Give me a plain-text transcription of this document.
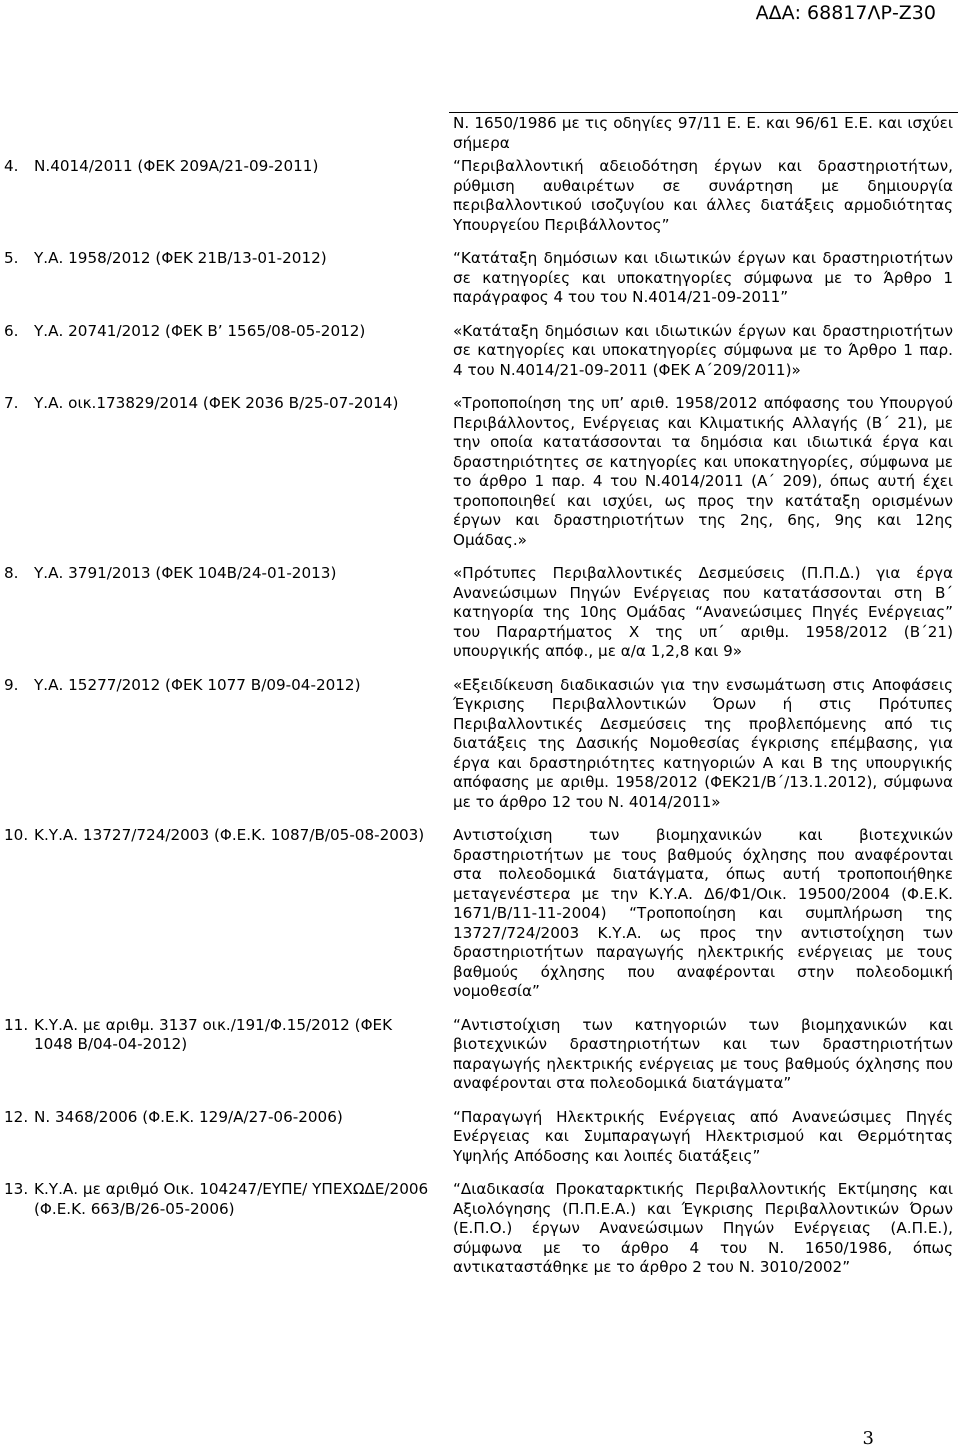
ΑΔΑ: 68817ΛΡ-Ζ30
	Ν. 1650/1986 με τις οδηγίες 97/11 Ε. Ε. και 96/61 Ε.Ε. και ισχύει σήμερα
4. Ν.4014/2011 (ΦΕΚ 209Α/21-09-2011)	“Περιβαλλοντική αδειοδότηση έργων και δραστηριοτήτων, ρύθμιση αυθαιρέτων σε συνάρτηση με δημιουργία περιβαλλοντικού ισοζυγίου και άλλες διατάξεις αρμοδιότητας Υπουργείου Περιβάλλοντος”
5. Υ.Α. 1958/2012 (ΦΕΚ 21Β/13-01-2012)	“Κατάταξη δημόσιων και ιδιωτικών έργων και δραστηριοτήτων σε κατηγορίες και υποκατηγορίες σύμφωνα με το Άρθρο 1 παράγραφος 4 του του Ν.4014/21-09-2011”
6. Υ.Α. 20741/2012 (ΦΕΚ Β’ 1565/08-05-2012)	«Κατάταξη δημόσιων και ιδιωτικών έργων και δραστηριοτήτων σε κατηγορίες και υποκατηγορίες σύμφωνα με το Άρθρο 1 παρ. 4 του Ν.4014/21-09-2011 (ΦΕΚ Α΄209/2011)»
7. Υ.Α. οικ.173829/2014 (ΦΕΚ 2036 Β/25-07-2014)	«Τροποποίηση της υπ’ αριθ. 1958/2012 απόφασης του Υπουργού Περιβάλλοντος, Ενέργειας και Κλιματικής Αλλαγής (Β΄ 21), με την οποία κατατάσσονται τα δημόσια και ιδιωτικά έργα και δραστηριότητες σε κατηγορίες και υποκατηγορίες, σύμφωνα με το άρθρο 1 παρ. 4 του Ν.4014/2011 (Α΄ 209), όπως αυτή έχει τροποποιηθεί και ισχύει, ως προς την κατάταξη ορισμένων έργων και δραστηριοτήτων της 2ης, 6ης, 9ης και 12ης Ομάδας.»
8. Υ.Α. 3791/2013 (ΦΕΚ 104Β/24-01-2013)	«Πρότυπες Περιβαλλοντικές Δεσμεύσεις (Π.Π.Δ.) για έργα Ανανεώσιμων Πηγών Ενέργειας που κατατάσσονται στη Β΄ κατηγορία της 10ης Ομάδας “Ανανεώσιμες Πηγές Ενέργειας” του Παραρτήματος Χ της υπ΄ αριθμ. 1958/2012 (Β΄21) υπουργικής απόφ., με α/α 1,2,8 και 9»
9. Υ.Α. 15277/2012 (ΦΕΚ 1077 Β/09-04-2012)	«Εξειδίκευση διαδικασιών για την ενσωμάτωση στις Αποφάσεις Έγκρισης Περιβαλλοντικών Όρων ή στις Πρότυπες Περιβαλλοντικές Δεσμεύσεις της προβλεπόμενης από τις διατάξεις της Δασικής Νομοθεσίας έγκρισης επέμβασης, για έργα και δραστηριότητες κατηγοριών Α και Β της υπουργικής απόφασης με αριθμ. 1958/2012 (ΦΕΚ21/Β΄/13.1.2012), σύμφωνα με το άρθρο 12 του Ν. 4014/2011»
10. Κ.Υ.Α. 13727/724/2003 (Φ.Ε.Κ. 1087/Β/05-08-2003)	Αντιστοίχιση των βιομηχανικών και βιοτεχνικών δραστηριοτήτων με τους βαθμούς όχλησης που αναφέρονται στα πολεοδομικά διατάγματα, όπως αυτή τροποποιήθηκε μεταγενέστερα με την Κ.Υ.Α. Δ6/Φ1/Οικ. 19500/2004 (Φ.Ε.Κ. 1671/Β/11-11-2004) “Τροποποίηση και συμπλήρωση της 13727/724/2003 Κ.Υ.Α. ως προς την αντιστοίχηση των δραστηριοτήτων παραγωγής ηλεκτρικής ενέργειας με τους βαθμούς όχλησης που αναφέρονται στην πολεοδομική νομοθεσία”
11. Κ.Υ.Α. με αριθμ. 3137 οικ./191/Φ.15/2012 (ΦΕΚ 1048 Β/04-04-2012)	“Αντιστοίχιση των κατηγοριών των βιομηχανικών και βιοτεχνικών δραστηριοτήτων και των δραστηριοτήτων παραγωγής ηλεκτρικής ενέργειας με τους βαθμούς όχλησης που αναφέρονται στα πολεοδομικά διατάγματα”
12. Ν. 3468/2006 (Φ.Ε.Κ. 129/Α/27-06-2006)	“Παραγωγή Ηλεκτρικής Ενέργειας από Ανανεώσιμες Πηγές Ενέργειας και Συμπαραγωγή Ηλεκτρισμού και Θερμότητας Υψηλής Απόδοσης και λοιπές διατάξεις”
13. Κ.Υ.Α. με αριθμό Οικ. 104247/ΕΥΠΕ/ ΥΠΕΧΩΔΕ/2006 (Φ.Ε.Κ. 663/Β/26-05-2006)	“Διαδικασία Προκαταρκτικής Περιβαλλοντικής Εκτίμησης και Αξιολόγησης (Π.Π.Ε.Α.) και Έγκρισης Περιβαλλοντικών Όρων (Ε.Π.Ο.) έργων Ανανεώσιμων Πηγών Ενέργειας (Α.Π.Ε.), σύμφωνα με το άρθρο 4 του Ν. 1650/1986, όπως αντικαταστάθηκε με το άρθρο 2 του Ν. 3010/2002”
3
